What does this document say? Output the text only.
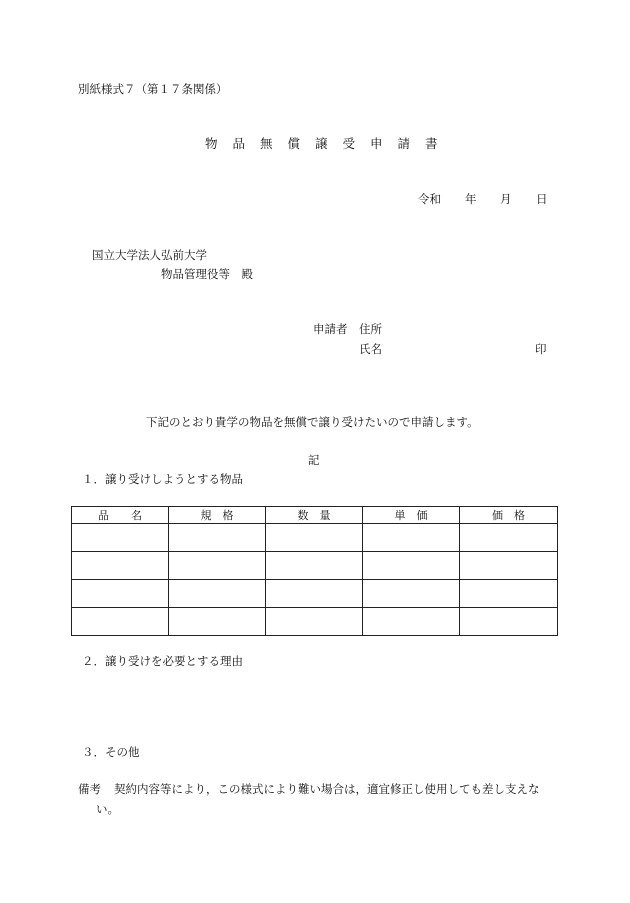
別紙様式７（第１７条関係）
物品無償譲受申請書
令和 年 月 日
国立大学法人弘前大学
物品管理役等　殿
申請者 住所
氏名	印
下記のとおり貴学の物品を無償で譲り受けたいので申請します。
記
１．譲り受けしようとする物品
品　　名	規　格	数　量	単　価	価　格

２．譲り受けを必要とする理由
３．その他
備考 契約内容等により，この様式により難い場合は，適宜修正し使用しても差し支えな
い。
